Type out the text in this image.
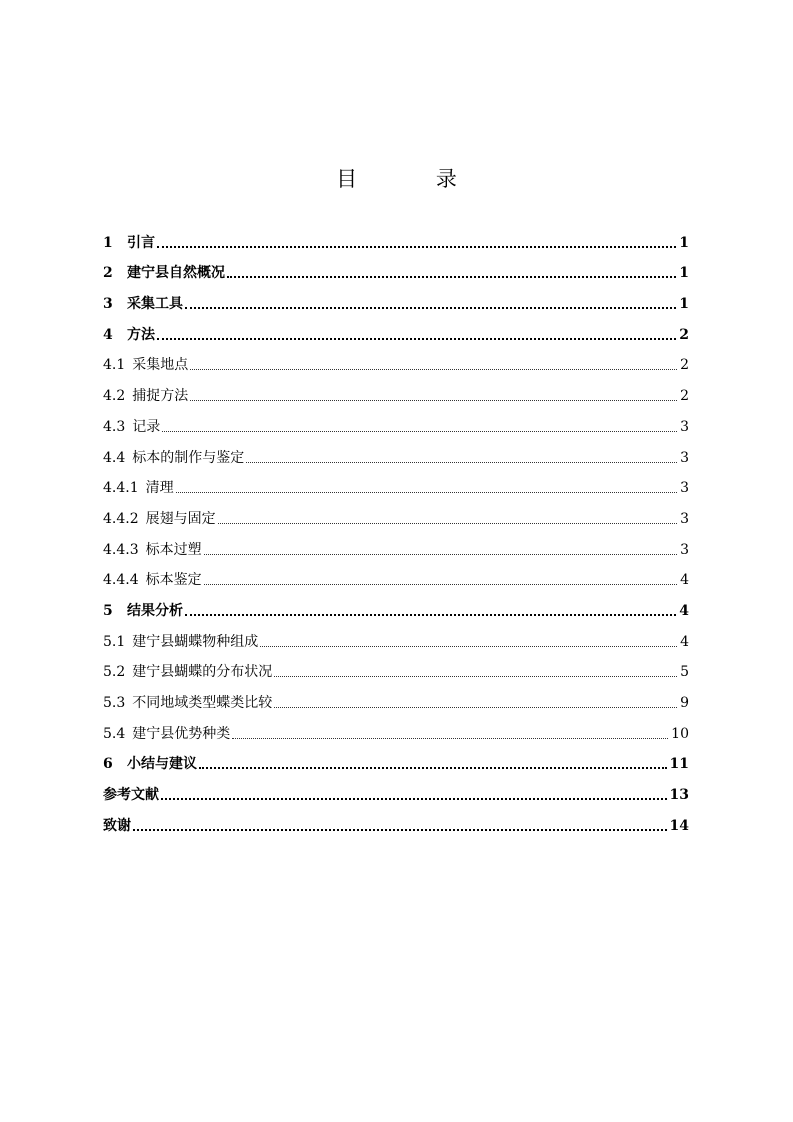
目 录
1	引言	1
2	建宁县自然概况	1
3	采集工具	1
4	方法	2
4.1 采集地点	2
4.2 捕捉方法	2
4.3 记录	3
4.4 标本的制作与鉴定	3
4.4.1 清理	3
4.4.2 展翅与固定	3
4.4.3 标本过塑	3
4.4.4 标本鉴定	4
5	结果分析	4
5.1 建宁县蝴蝶物种组成	4
5.2 建宁县蝴蝶的分布状况	5
5.3 不同地域类型蝶类比较	9
5.4 建宁县优势种类	10
6	小结与建议	11
参考文献	13
致谢	14
